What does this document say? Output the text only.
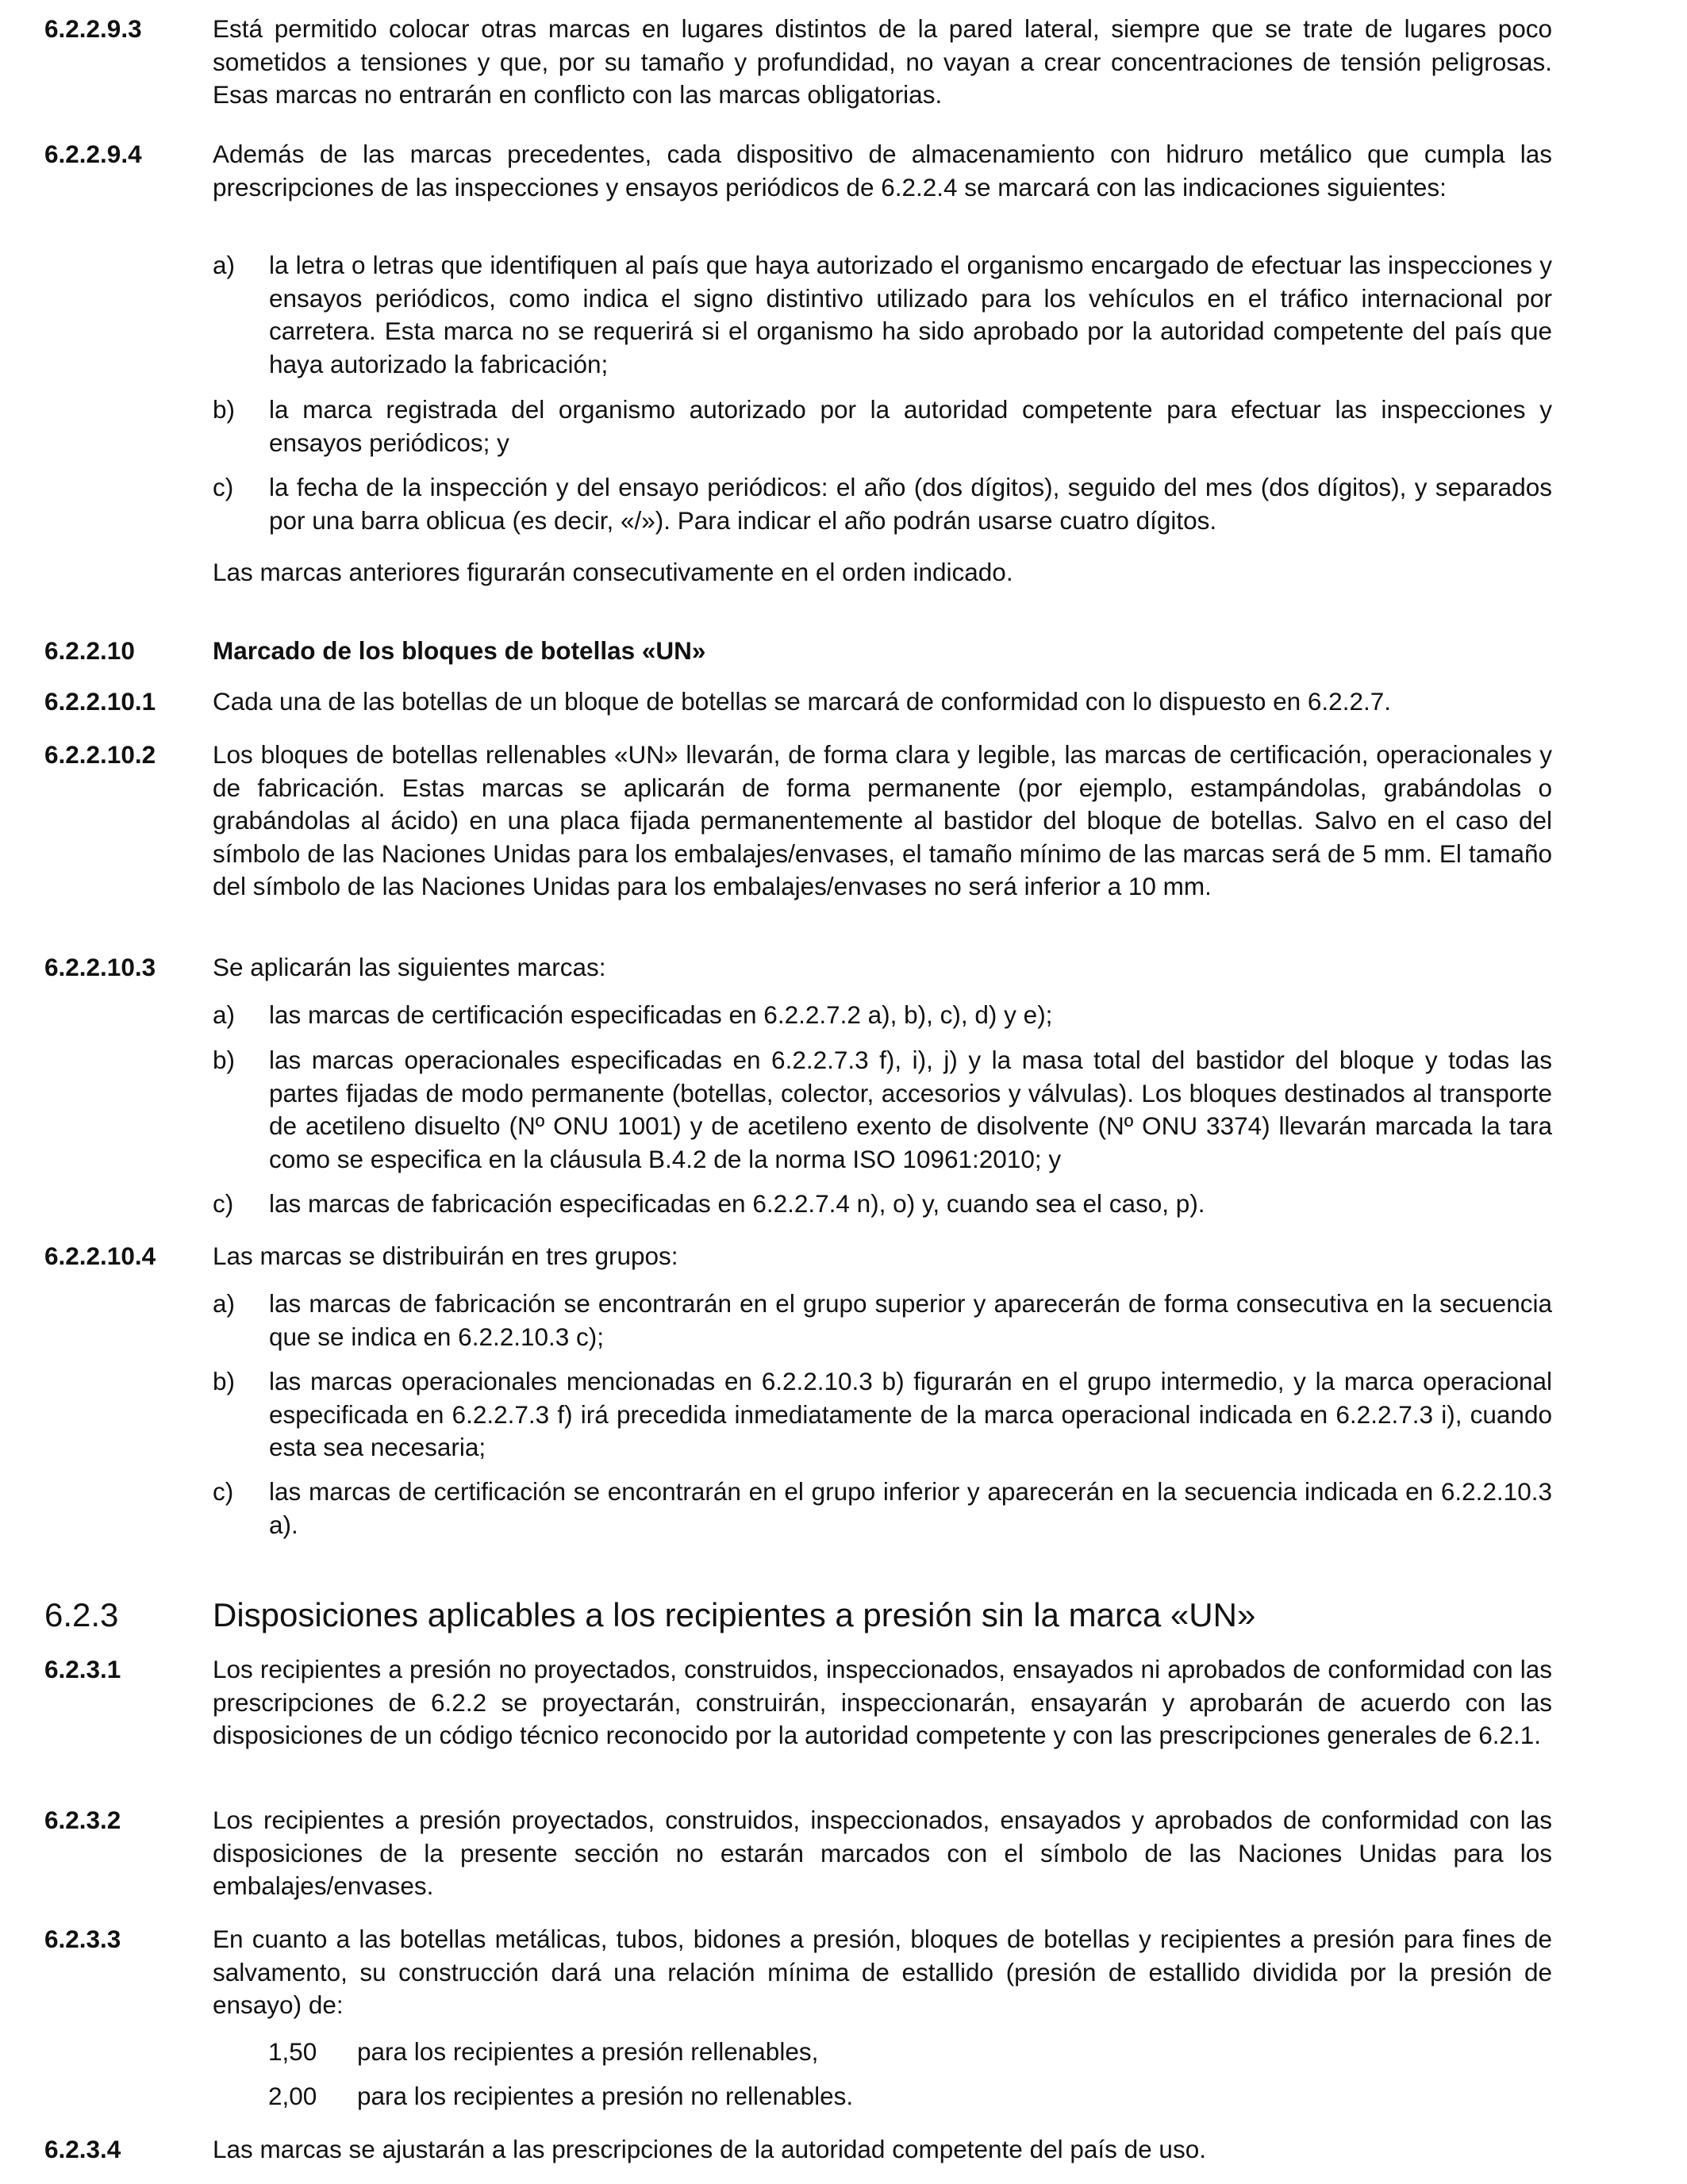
6.2.2.9.3	Está permitido colocar otras marcas en lugares distintos de la pared lateral, siempre que se trate de lugares poco sometidos a tensiones y que, por su tamaño y profundidad, no vayan a crear concentraciones de tensión peligrosas. Esas marcas no entrarán en conflicto con las marcas obligatorias.
6.2.2.9.4	Además de las marcas precedentes, cada dispositivo de almacenamiento con hidruro metálico que cumpla las prescripciones de las inspecciones y ensayos periódicos de 6.2.2.4 se marcará con las indicaciones siguientes:
a) la letra o letras que identifiquen al país que haya autorizado el organismo encargado de efectuar las inspecciones y ensayos periódicos, como indica el signo distintivo utilizado para los vehículos en el tráfico internacional por carretera. Esta marca no se requerirá si el organismo ha sido aprobado por la autoridad competente del país que haya autorizado la fabricación;
b) la marca registrada del organismo autorizado por la autoridad competente para efectuar las inspecciones y ensayos periódicos; y
c) la fecha de la inspección y del ensayo periódicos: el año (dos dígitos), seguido del mes (dos dígitos), y separados por una barra oblicua (es decir, «/»). Para indicar el año podrán usarse cuatro dígitos.
Las marcas anteriores figurarán consecutivamente en el orden indicado.
6.2.2.10	Marcado de los bloques de botellas «UN»
6.2.2.10.1 Cada una de las botellas de un bloque de botellas se marcará de conformidad con lo dispuesto en 6.2.2.7.
6.2.2.10.2 Los bloques de botellas rellenables «UN» llevarán, de forma clara y legible, las marcas de certificación, operacionales y de fabricación. Estas marcas se aplicarán de forma permanente (por ejemplo, estampándolas, grabándolas o grabándolas al ácido) en una placa fijada permanentemente al bastidor del bloque de botellas. Salvo en el caso del símbolo de las Naciones Unidas para los embalajes/envases, el tamaño mínimo de las marcas será de 5 mm. El tamaño del símbolo de las Naciones Unidas para los embalajes/envases no será inferior a 10 mm.
6.2.2.10.3 Se aplicarán las siguientes marcas:
a) las marcas de certificación especificadas en 6.2.2.7.2 a), b), c), d) y e);
b) las marcas operacionales especificadas en 6.2.2.7.3 f), i), j) y la masa total del bastidor del bloque y todas las partes fijadas de modo permanente (botellas, colector, accesorios y válvulas). Los bloques destinados al transporte de acetileno disuelto (Nº ONU 1001) y de acetileno exento de disolvente (Nº ONU 3374) llevarán marcada la tara como se especifica en la cláusula B.4.2 de la norma ISO 10961:2010; y
c) las marcas de fabricación especificadas en 6.2.2.7.4 n), o) y, cuando sea el caso, p).
6.2.2.10.4 Las marcas se distribuirán en tres grupos:
a) las marcas de fabricación se encontrarán en el grupo superior y aparecerán de forma consecutiva en la secuencia que se indica en 6.2.2.10.3 c);
b) las marcas operacionales mencionadas en 6.2.2.10.3 b) figurarán en el grupo intermedio, y la marca operacional especificada en 6.2.2.7.3 f) irá precedida inmediatamente de la marca operacional indicada en 6.2.2.7.3 i), cuando esta sea necesaria;
c) las marcas de certificación se encontrarán en el grupo inferior y aparecerán en la secuencia indicada en 6.2.2.10.3 a).
6.2.3	Disposiciones aplicables a los recipientes a presión sin la marca «UN»
6.2.3.1	Los recipientes a presión no proyectados, construidos, inspeccionados, ensayados ni aprobados de conformidad con las prescripciones de 6.2.2 se proyectarán, construirán, inspeccionarán, ensayarán y aprobarán de acuerdo con las disposiciones de un código técnico reconocido por la autoridad competente y con las prescripciones generales de 6.2.1.
6.2.3.2	Los recipientes a presión proyectados, construidos, inspeccionados, ensayados y aprobados de conformidad con las disposiciones de la presente sección no estarán marcados con el símbolo de las Naciones Unidas para los embalajes/envases.
6.2.3.3	En cuanto a las botellas metálicas, tubos, bidones a presión, bloques de botellas y recipientes a presión para fines de salvamento, su construcción dará una relación mínima de estallido (presión de estallido dividida por la presión de ensayo) de:
1,50 para los recipientes a presión rellenables,
2,00 para los recipientes a presión no rellenables.
6.2.3.4	Las marcas se ajustarán a las prescripciones de la autoridad competente del país de uso.
